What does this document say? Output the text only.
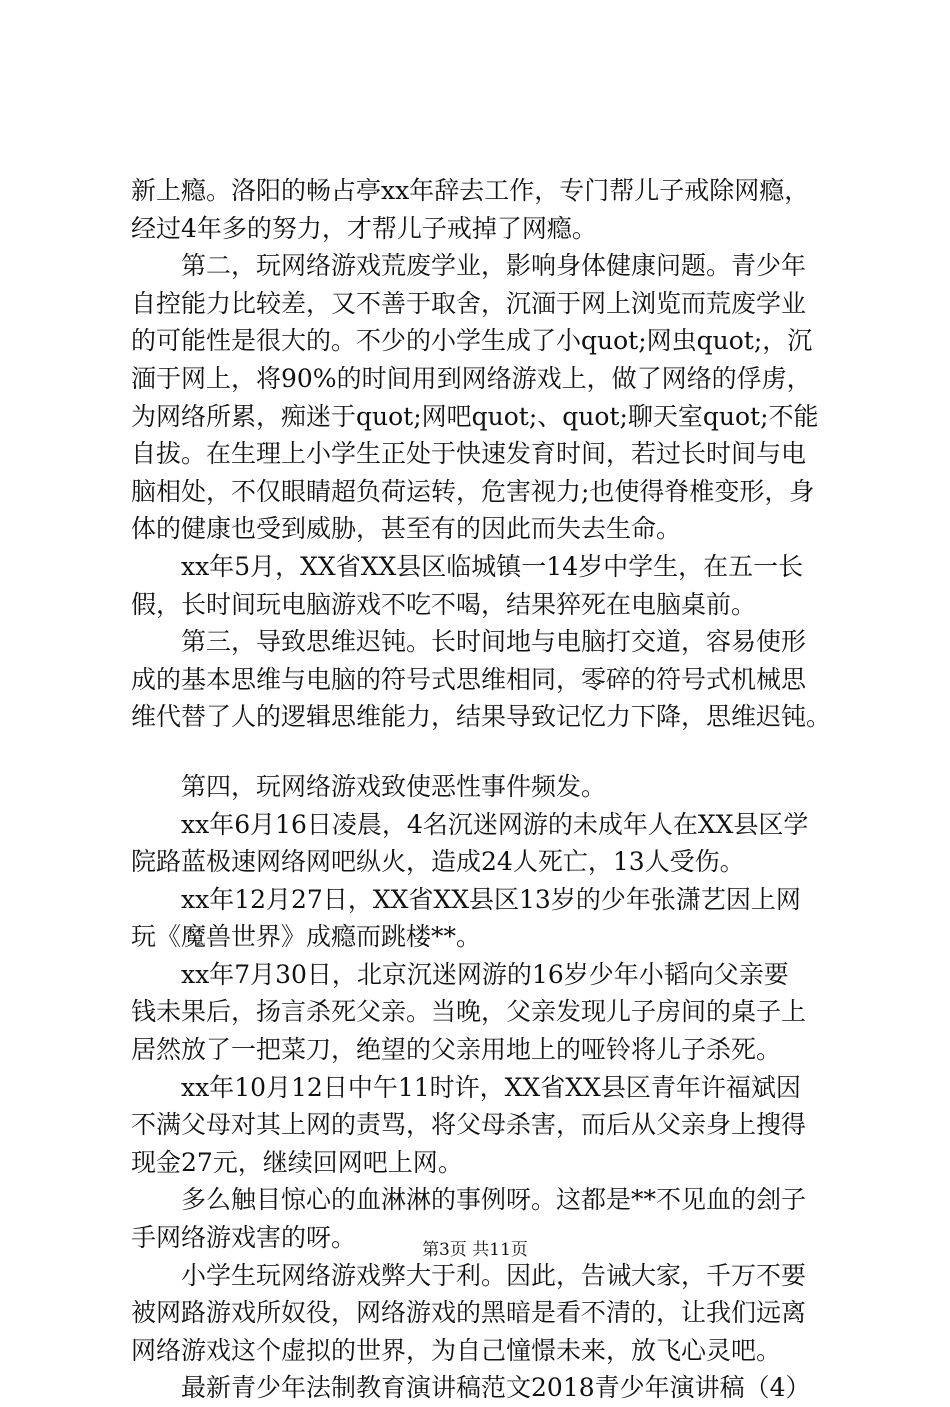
新上瘾。洛阳的畅占亭xx年辞去工作，专门帮儿子戒除网瘾，
经过4年多的努力，才帮儿子戒掉了网瘾。
第二，玩网络游戏荒废学业，影响身体健康问题。青少年
自控能力比较差，又不善于取舍，沉湎于网上浏览而荒废学业
的可能性是很大的。不少的小学生成了小quot;网虫quot;，沉
湎于网上，将90%的时间用到网络游戏上，做了网络的俘虏，
为网络所累，痴迷于quot;网吧quot;、quot;聊天室quot;不能
自拔。在生理上小学生正处于快速发育时间，若过长时间与电
脑相处，不仅眼睛超负荷运转，危害视力;也使得脊椎变形，身
体的健康也受到威胁，甚至有的因此而失去生命。
xx年5月，XX省XX县区临城镇一14岁中学生，在五一长
假，长时间玩电脑游戏不吃不喝，结果猝死在电脑桌前。
第三，导致思维迟钝。长时间地与电脑打交道，容易使形
成的基本思维与电脑的符号式思维相同，零碎的符号式机械思
维代替了人的逻辑思维能力，结果导致记忆力下降，思维迟钝。
第四，玩网络游戏致使恶性事件频发。
xx年6月16日凌晨，4名沉迷网游的未成年人在XX县区学
院路蓝极速网络网吧纵火，造成24人死亡，13人受伤。
xx年12月27日，XX省XX县区13岁的少年张潇艺因上网
玩《魔兽世界》成瘾而跳楼**。
xx年7月30日，北京沉迷网游的16岁少年小韬向父亲要
钱未果后，扬言杀死父亲。当晚，父亲发现儿子房间的桌子上
居然放了一把菜刀，绝望的父亲用地上的哑铃将儿子杀死。
xx年10月12日中午11时许，XX省XX县区青年许福斌因
不满父母对其上网的责骂，将父母杀害，而后从父亲身上搜得
现金27元，继续回网吧上网。
多么触目惊心的血淋淋的事例呀。这都是**不见血的刽子
手网络游戏害的呀。
小学生玩网络游戏弊大于利。因此，告诫大家，千万不要
被网路游戏所奴役，网络游戏的黑暗是看不清的，让我们远离
网络游戏这个虚拟的世界，为自己憧憬未来，放飞心灵吧。
最新青少年法制教育演讲稿范文2018青少年演讲稿（4）
第3页 共11页
